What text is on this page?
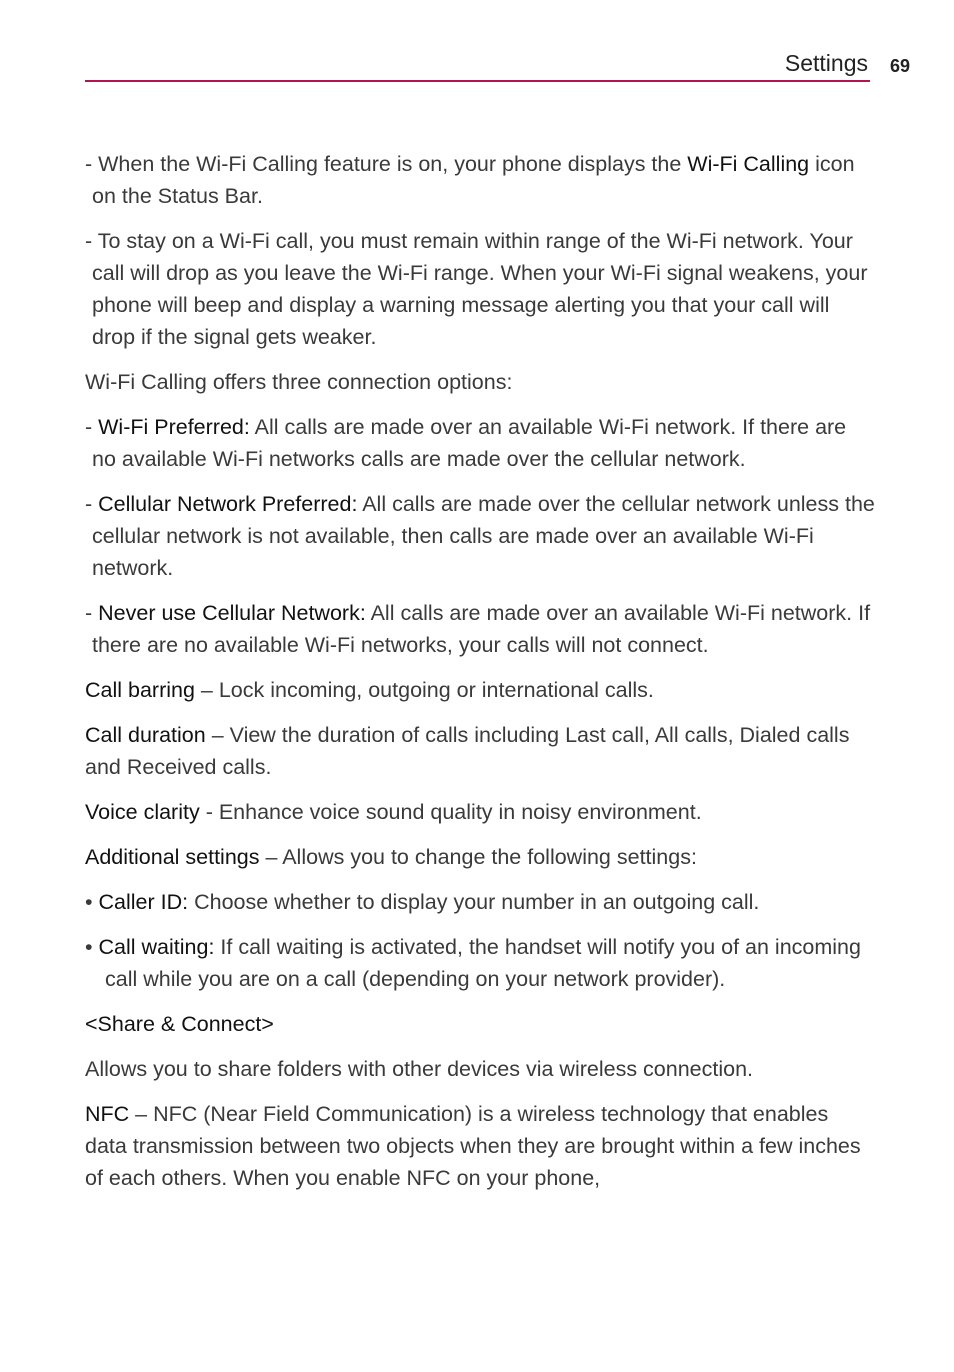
Settings 69

- When the Wi-Fi Calling feature is on, your phone displays the Wi-Fi Calling icon on the Status Bar.

- To stay on a Wi-Fi call, you must remain within range of the Wi-Fi network. Your call will drop as you leave the Wi-Fi range. When your Wi-Fi signal weakens, your phone will beep and display a warning message alerting you that your call will drop if the signal gets weaker.

Wi-Fi Calling offers three connection options:

- Wi-Fi Preferred: All calls are made over an available Wi-Fi network. If there are no available Wi-Fi networks calls are made over the cellular network.

- Cellular Network Preferred: All calls are made over the cellular network unless the cellular network is not available, then calls are made over an available Wi-Fi network.

- Never use Cellular Network: All calls are made over an available Wi-Fi network. If there are no available Wi-Fi networks, your calls will not connect.

Call barring – Lock incoming, outgoing or international calls.

Call duration – View the duration of calls including Last call, All calls, Dialed calls and Received calls.

Voice clarity - Enhance voice sound quality in noisy environment.

Additional settings – Allows you to change the following settings:

• Caller ID: Choose whether to display your number in an outgoing call.

• Call waiting: If call waiting is activated, the handset will notify you of an incoming call while you are on a call (depending on your network provider).

<Share & Connect>

Allows you to share folders with other devices via wireless connection.

NFC – NFC (Near Field Communication) is a wireless technology that enables data transmission between two objects when they are brought within a few inches of each others. When you enable NFC on your phone,
